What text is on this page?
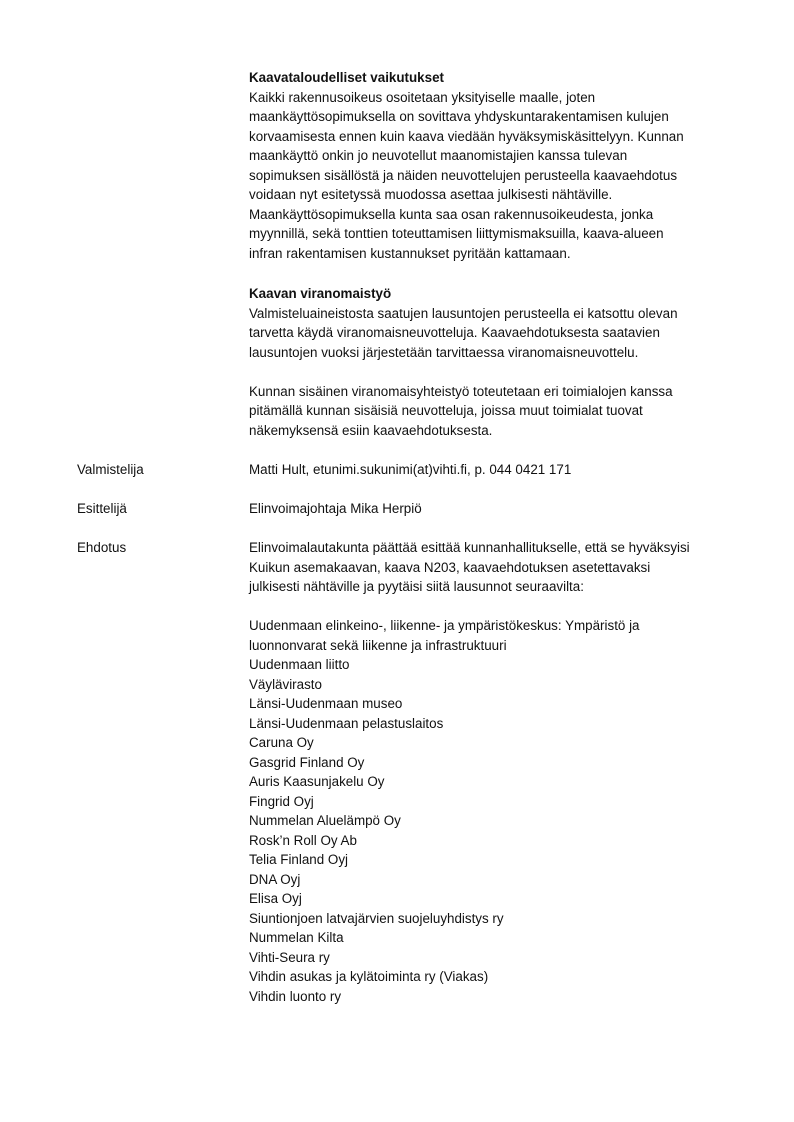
Kaavataloudelliset vaikutukset

Kaikki rakennusoikeus osoitetaan yksityiselle maalle, joten

maankäyttösopimuksella on sovittava yhdyskuntarakentamisen kulujen

korvaamisesta ennen kuin kaava viedään hyväksymiskäsittelyyn. Kunnan

maankäyttö onkin jo neuvotellut maanomistajien kanssa tulevan

sopimuksen sisällöstä ja näiden neuvottelujen perusteella kaavaehdotus

voidaan nyt esitetyssä muodossa asettaa julkisesti nähtäville.

Maankäyttösopimuksella kunta saa osan rakennusoikeudesta, jonka

myynnillä, sekä tonttien toteuttamisen liittymismaksuilla, kaava-alueen

infran rakentamisen kustannukset pyritään kattamaan.

Kaavan viranomaistyö

Valmisteluaineistosta saatujen lausuntojen perusteella ei katsottu olevan

tarvetta käydä viranomaisneuvotteluja. Kaavaehdotuksesta saatavien

lausuntojen vuoksi järjestetään tarvittaessa viranomaisneuvottelu.

Kunnan sisäinen viranomaisyhteistyö toteutetaan eri toimialojen kanssa

pitämällä kunnan sisäisiä neuvotteluja, joissa muut toimialat tuovat

näkemyksensä esiin kaavaehdotuksesta.

Valmistelija	Matti Hult, etunimi.sukunimi(at)vihti.fi, p. 044 0421 171
Esittelijä	Elinvoimajohtaja Mika Herpiö
Ehdotus	Elinvoimalautakunta päättää esittää kunnanhallitukselle, että se hyväksyisi

Kuikun asemakaavan, kaava N203, kaavaehdotuksen asetettavaksi

julkisesti nähtäville ja pyytäisi siitä lausunnot seuraavilta:

Uudenmaan elinkeino-, liikenne- ja ympäristökeskus: Ympäristö ja
luonnonvarat sekä liikenne ja infrastruktuuri
Uudenmaan liitto
Väylävirasto
Länsi-Uudenmaan museo
Länsi-Uudenmaan pelastuslaitos
Caruna Oy
Gasgrid Finland Oy
Auris Kaasunjakelu Oy
Fingrid Oyj
Nummelan Aluelämpö Oy
Rosk’n Roll Oy Ab
Telia Finland Oyj
DNA Oyj
Elisa Oyj
Siuntionjoen latvajärvien suojeluyhdistys ry
Nummelan Kilta
Vihti-Seura ry
Vihdin asukas ja kylätoiminta ry (Viakas)
Vihdin luonto ry
